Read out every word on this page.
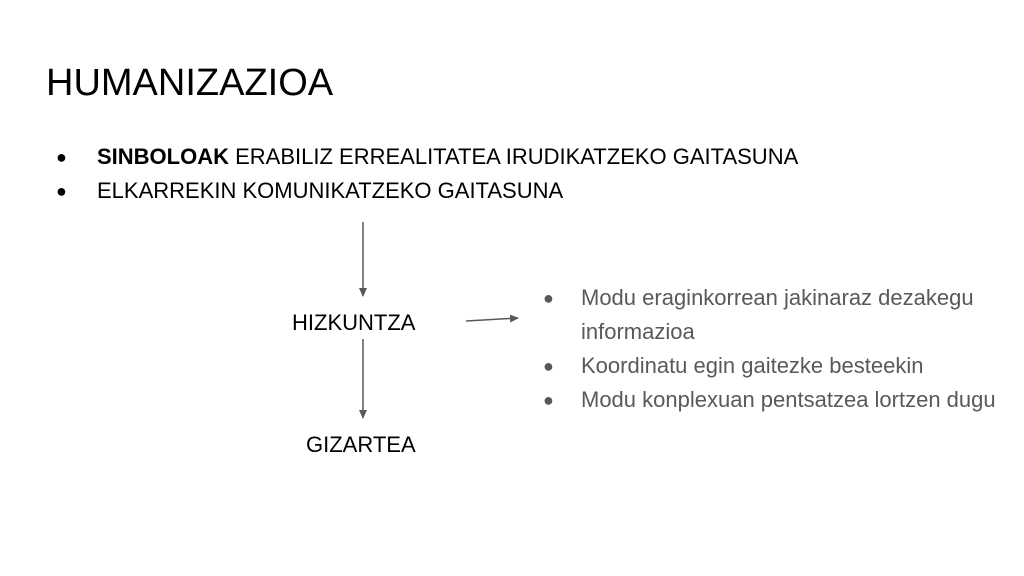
HUMANIZAZIOA
● SINBOLOAK ERABILIZ ERREALITATEA IRUDIKATZEKO GAITASUNA
● ELKARREKIN KOMUNIKATZEKO GAITASUNA
HIZKUNTZA
GIZARTEA
● Modu eraginkorrean jakinaraz dezakegu informazioa
● Koordinatu egin gaitezke besteekin
● Modu konplexuan pentsatzea lortzen dugu
